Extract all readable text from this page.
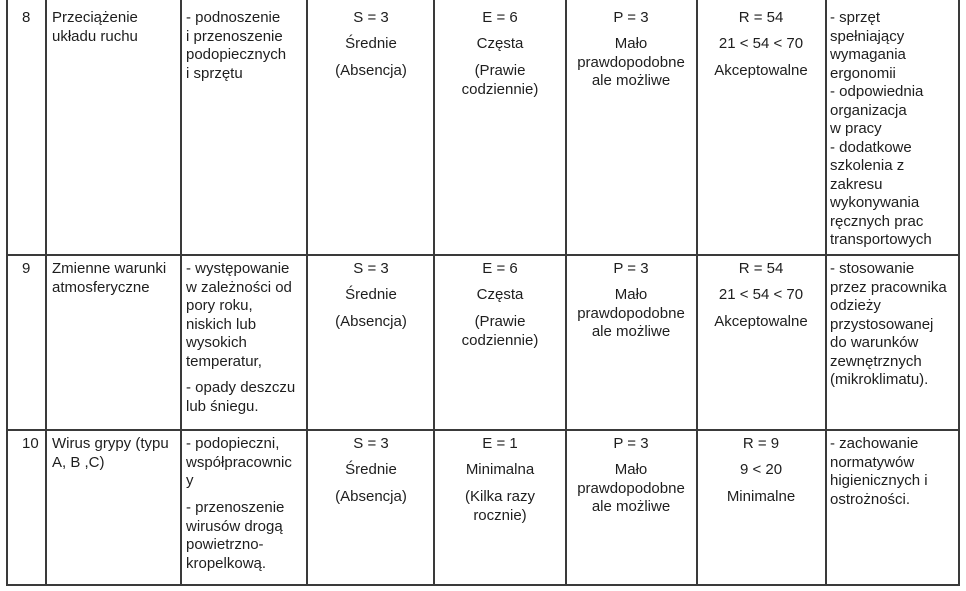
8 Przeciążenie
układu ruchu
- podnoszenie
i przenoszenie
podopiecznych
i sprzętu
S = 3
Średnie
(Absencja)
E = 6
Częsta
(Prawie
codziennie)
P = 3
Mało
prawdopodobne
ale możliwe
R = 54
21 < 54 < 70
Akceptowalne
- sprzęt
spełniający
wymagania
ergonomii
- odpowiednia
organizacja
w pracy
- dodatkowe
szkolenia z
zakresu
wykonywania
ręcznych prac
transportowych
9 Zmienne warunki
atmosferyczne
- występowanie
w zależności od
pory roku,
niskich lub
wysokich
temperatur,
- opady deszczu
lub śniegu.
S = 3
Średnie
(Absencja)
E = 6
Częsta
(Prawie
codziennie)
P = 3
Mało
prawdopodobne
ale możliwe
R = 54
21 < 54 < 70
Akceptowalne
- stosowanie
przez pracownika
odzieży
przystosowanej
do warunków
zewnętrznych
(mikroklimatu).
10 Wirus grypy (typu
A, B ,C)
- podopieczni,
współpracownic
y
- przenoszenie
wirusów drogą
powietrzno-
kropelkową.
S = 3
Średnie
(Absencja)
E = 1
Minimalna
(Kilka razy
rocznie)
P = 3
Mało
prawdopodobne
ale możliwe
R = 9
9 < 20
Minimalne
- zachowanie
normatywów
higienicznych i
ostrożności.
